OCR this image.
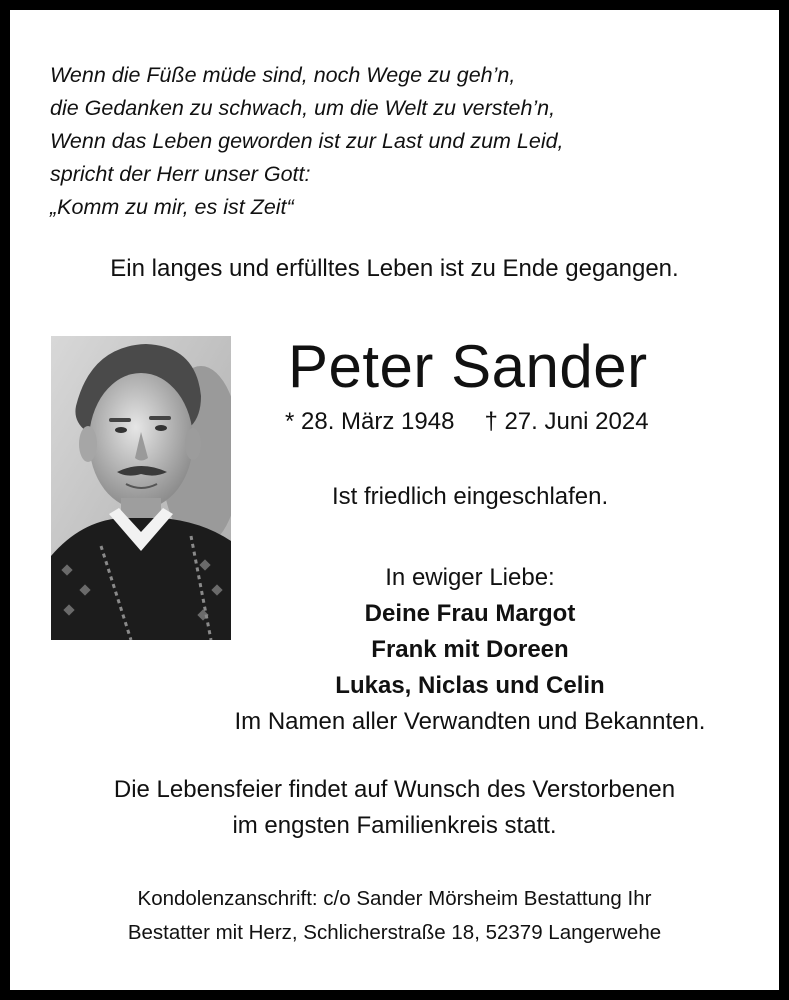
Wenn die Füße müde sind, noch Wege zu geh’n,
die Gedanken zu schwach, um die Welt zu versteh’n,
Wenn das Leben geworden ist zur Last und zum Leid,
spricht der Herr unser Gott:
„Komm zu mir, es ist Zeit“
Ein langes und erfülltes Leben ist zu Ende gegangen.
Peter Sander
* 28. März 1948 † 27. Juni 2024
Ist friedlich eingeschlafen.
In ewiger Liebe:
Deine Frau Margot
Frank mit Doreen
Lukas, Niclas und Celin
Im Namen aller Verwandten und Bekannten.
Die Lebensfeier findet auf Wunsch des Verstorbenen
im engsten Familienkreis statt.
Kondolenzanschrift: c/o Sander Mörsheim Bestattung Ihr
Bestatter mit Herz, Schlicherstraße 18, 52379 Langerwehe
